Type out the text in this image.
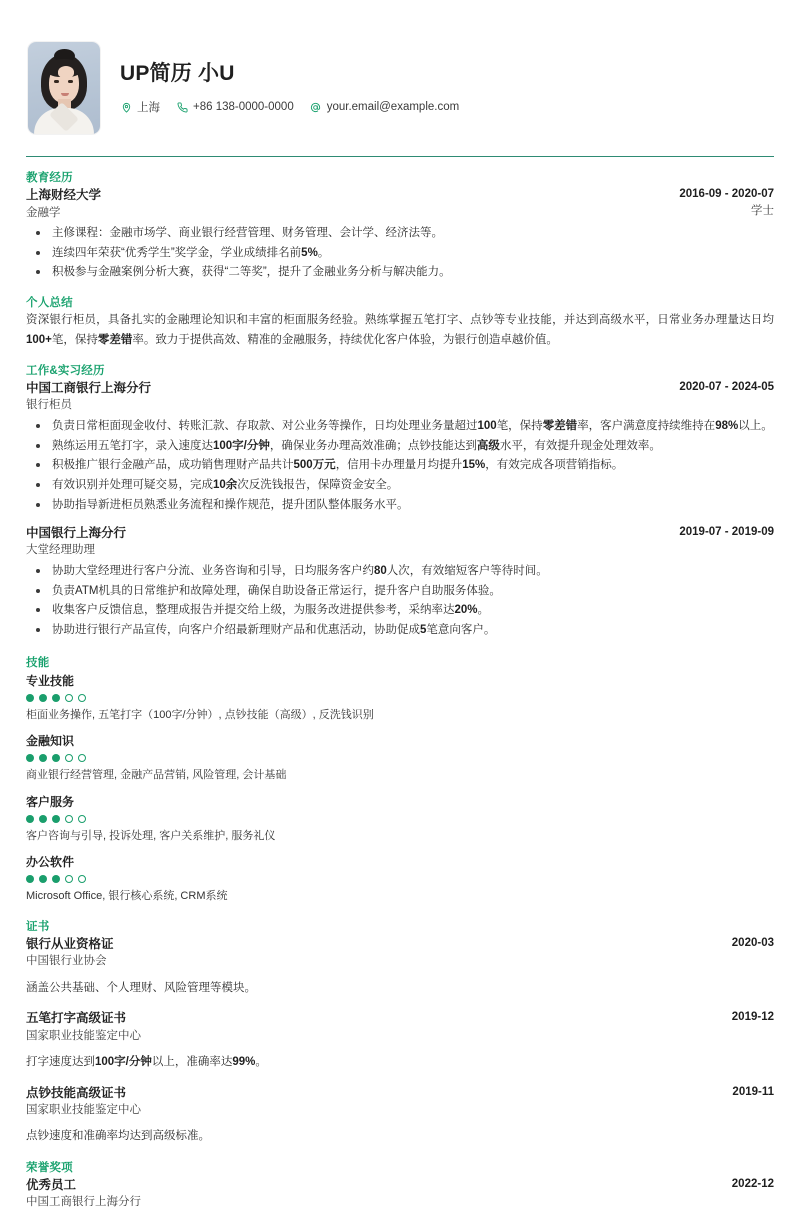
UP简历 小U
上海	+86 138-0000-0000	your.email@example.com
教育经历
上海财经大学
金融学
2016-09 - 2020-07
学士
主修课程：金融市场学、商业银行经营管理、财务管理、会计学、经济法等。
连续四年荣获“优秀学生”奖学金，学业成绩排名前5%。
积极参与金融案例分析大赛，获得“二等奖”，提升了金融业务分析与解决能力。
个人总结
资深银行柜员，具备扎实的金融理论知识和丰富的柜面服务经验。熟练掌握五笔打字、点钞等专业技能，并达到高级水平，日常业务办理量达日均100+笔，保持零差错率。致力于提供高效、精准的金融服务，持续优化客户体验，为银行创造卓越价值。
工作&实习经历
中国工商银行上海分行
银行柜员
2020-07 - 2024-05
负责日常柜面现金收付、转账汇款、存取款、对公业务等操作，日均处理业务量超过100笔，保持零差错率，客户满意度持续维持在98%以上。
熟练运用五笔打字，录入速度达100字/分钟，确保业务办理高效准确；点钞技能达到高级水平，有效提升现金处理效率。
积极推广银行金融产品，成功销售理财产品共计500万元，信用卡办理量月均提升15%，有效完成各项营销指标。
有效识别并处理可疑交易，完成10余次反洗钱报告，保障资金安全。
协助指导新进柜员熟悉业务流程和操作规范，提升团队整体服务水平。
中国银行上海分行
大堂经理助理
2019-07 - 2019-09
协助大堂经理进行客户分流、业务咨询和引导，日均服务客户约80人次，有效缩短客户等待时间。
负责ATM机具的日常维护和故障处理，确保自助设备正常运行，提升客户自助服务体验。
收集客户反馈信息，整理成报告并提交给上级，为服务改进提供参考，采纳率达20%。
协助进行银行产品宣传，向客户介绍最新理财产品和优惠活动，协助促成5笔意向客户。
技能
专业技能
柜面业务操作, 五笔打字（100字/分钟）, 点钞技能（高级）, 反洗钱识别
金融知识
商业银行经营管理, 金融产品营销, 风险管理, 会计基础
客户服务
客户咨询与引导, 投诉处理, 客户关系维护, 服务礼仪
办公软件
Microsoft Office, 银行核心系统, CRM系统
证书
银行从业资格证
中国银行业协会
2020-03
涵盖公共基础、个人理财、风险管理等模块。
五笔打字高级证书
国家职业技能鉴定中心
2019-12
打字速度达到100字/分钟以上，准确率达99%。
点钞技能高级证书
国家职业技能鉴定中心
2019-11
点钞速度和准确率均达到高级标准。
荣誉奖项
优秀员工
中国工商银行上海分行
2022-12
